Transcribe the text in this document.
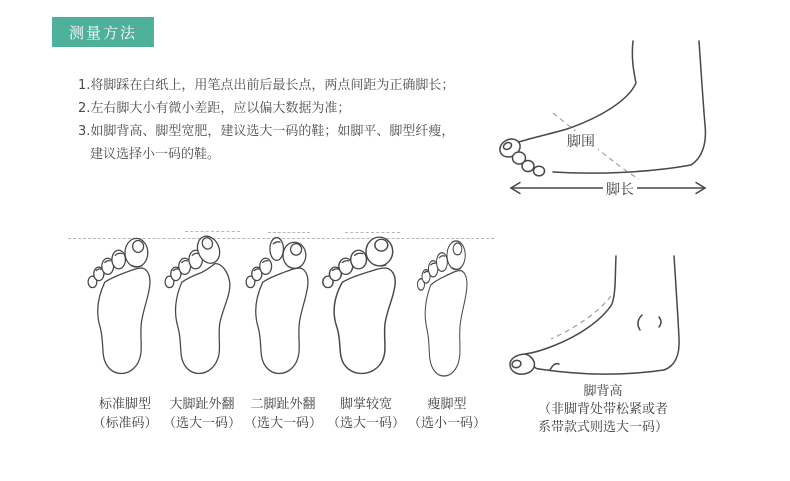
测量方法
1.将脚踩在白纸上，用笔点出前后最长点，两点间距为正确脚长；
2.左右脚大小有微小差距，应以偏大数据为准；
3.如脚背高、脚型宽肥，建议选大一码的鞋；如脚平、脚型纤瘦，
建议选择小一码的鞋。
脚围
脚长
标准脚型
（标准码）
大脚趾外翻
（选大一码）
二脚趾外翻
（选大一码）
脚掌较宽
（选大一码）
瘦脚型
（选小一码）
脚背高
（非脚背处带松紧或者
系带款式则选大一码）
